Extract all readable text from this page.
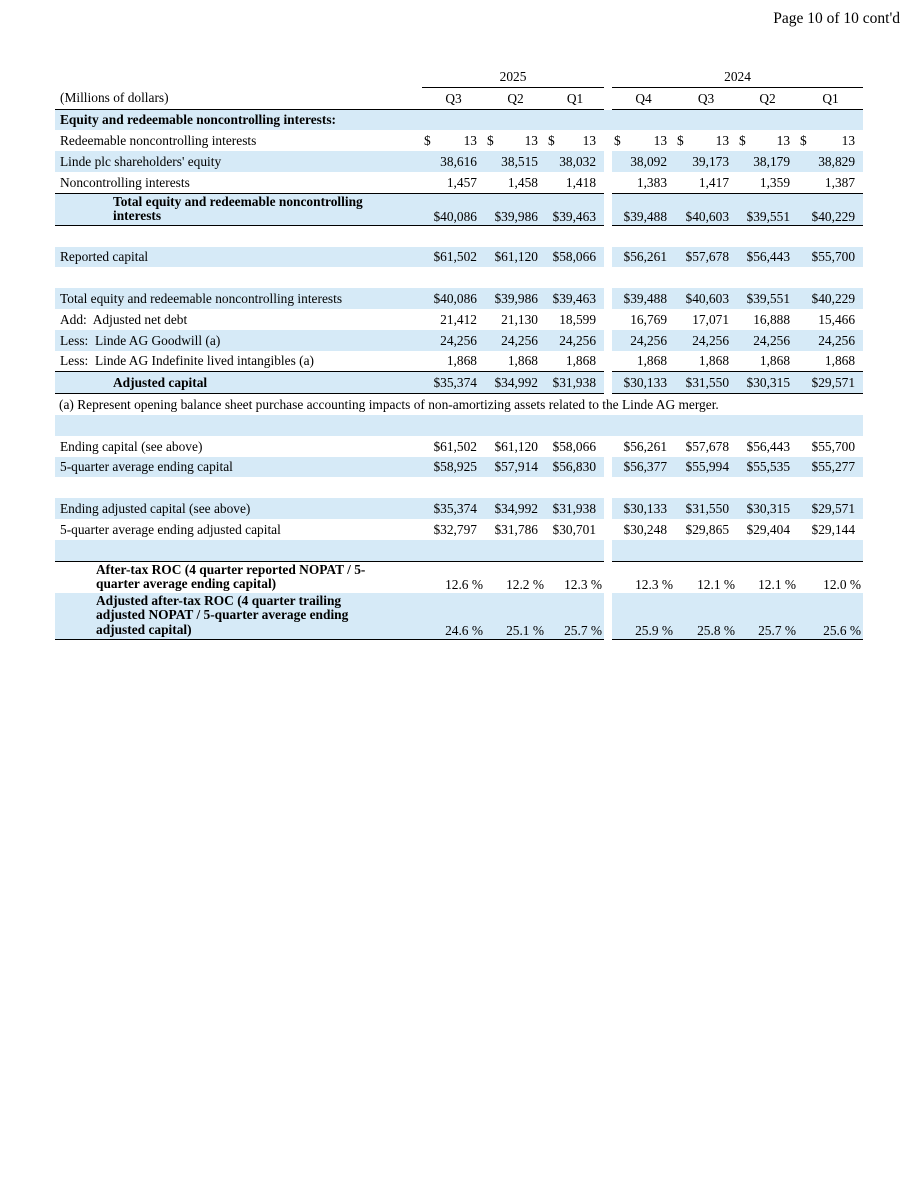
Page 10 of 10 cont'd
	2025			2024			
(Millions of dollars)	Q3	Q2	Q1	Q4	Q3	Q2	Q1
Equity and redeemable noncontrolling interests:							
Redeemable noncontrolling interests	$ 13	$ 13	$ 13	$ 13	$ 13	$ 13	$ 13
Linde plc shareholders' equity	38,616	38,515	38,032	38,092	39,173	38,179	38,829
Noncontrolling interests	1,457	1,458	1,418	1,383	1,417	1,359	1,387

Total equity and redeemable noncontrolling
interests	$40,086	$39,986	$39,463	$39,488	$40,603	$39,551	$40,229

Reported capital	$61,502	$61,120	$58,066	$56,261	$57,678	$56,443	$55,700

Total equity and redeemable noncontrolling interests	$40,086	$39,986	$39,463	$39,488	$40,603	$39,551	$40,229
Add:  Adjusted net debt	21,412	21,130	18,599	16,769	17,071	16,888	15,466
Less:  Linde AG Goodwill (a)	24,256	24,256	24,256	24,256	24,256	24,256	24,256
Less:  Linde AG Indefinite lived intangibles (a)	1,868	1,868	1,868	1,868	1,868	1,868	1,868
Adjusted capital	$35,374	$34,992	$31,938	$30,133	$31,550	$30,315	$29,571
(a) Represent opening balance sheet purchase accounting impacts of non-amortizing assets related to the Linde AG merger.							

Ending capital (see above)	$61,502	$61,120	$58,066	$56,261	$57,678	$56,443	$55,700
5-quarter average ending capital	$58,925	$57,914	$56,830	$56,377	$55,994	$55,535	$55,277

Ending adjusted capital (see above)	$35,374	$34,992	$31,938	$30,133	$31,550	$30,315	$29,571
5-quarter average ending adjusted capital	$32,797	$31,786	$30,701	$30,248	$29,865	$29,404	$29,144

After-tax ROC (4 quarter reported NOPAT / 5-
quarter average ending capital)	12.6 %	12.2 %	12.3 %	12.3 %	12.1 %	12.1 %	12.0 %

Adjusted after-tax ROC (4 quarter trailing
adjusted NOPAT / 5-quarter average ending
adjusted capital)	24.6 %	25.1 %	25.7 %	25.9 %	25.8 %	25.7 %	25.6 %
